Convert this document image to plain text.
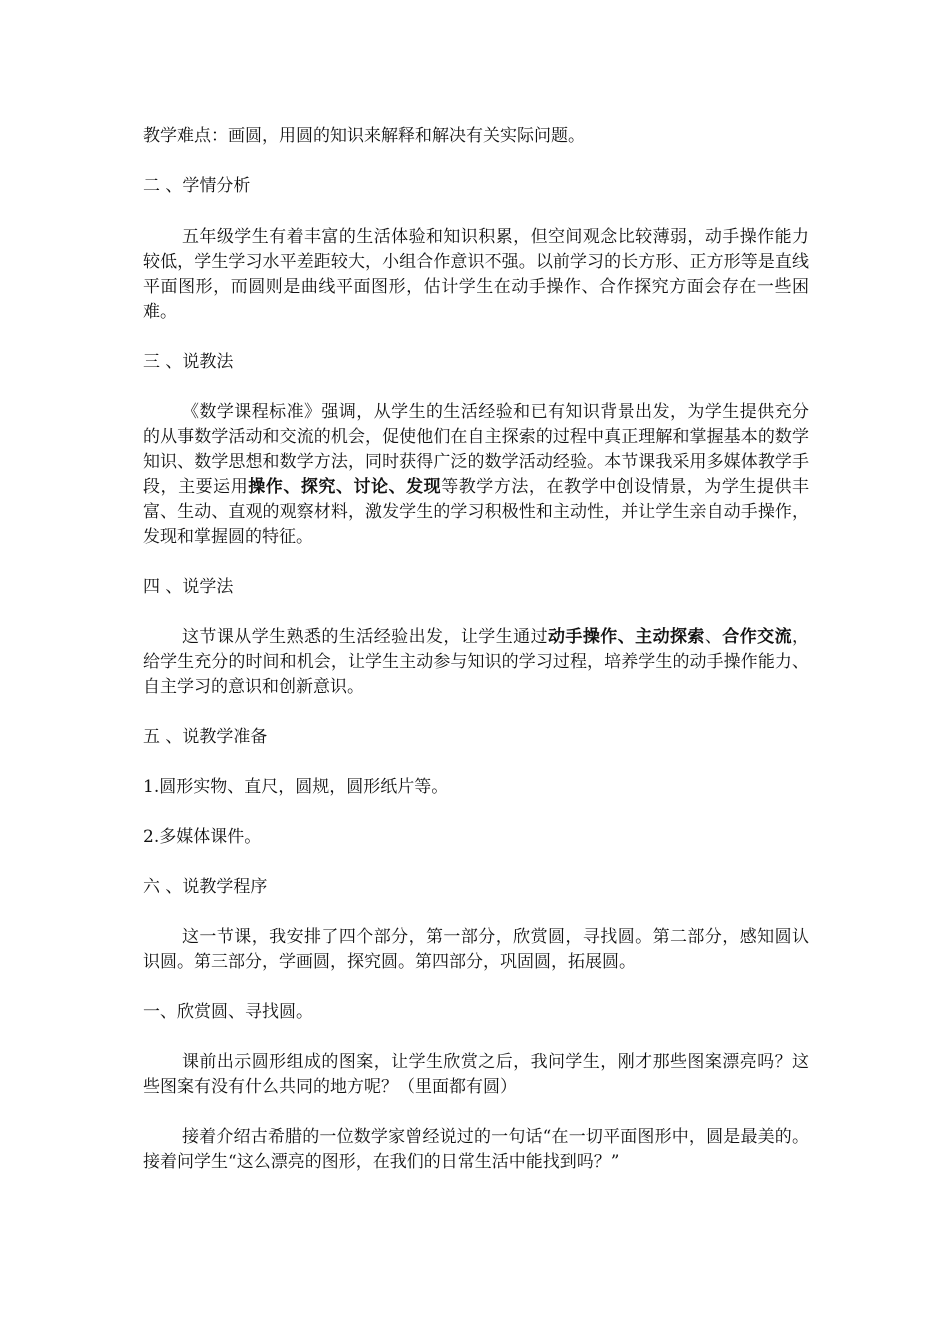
教学难点：画圆，用圆的知识来解释和解决有关实际问题。

二 、学情分析

五年级学生有着丰富的生活体验和知识积累，但空间观念比较薄弱，动手操作能力较低，学生学习水平差距较大，小组合作意识不强。以前学习的长方形、正方形等是直线平面图形，而圆则是曲线平面图形，估计学生在动手操作、合作探究方面会存在一些困难。

三 、说教法

《数学课程标准》强调，从学生的生活经验和已有知识背景出发，为学生提供充分的从事数学活动和交流的机会，促使他们在自主探索的过程中真正理解和掌握基本的数学知识、数学思想和数学方法，同时获得广泛的数学活动经验。本节课我采用多媒体教学手段，主要运用操作、探究、讨论、发现等教学方法，在教学中创设情景，为学生提供丰富、生动、直观的观察材料，激发学生的学习积极性和主动性，并让学生亲自动手操作，发现和掌握圆的特征。

四 、说学法

这节课从学生熟悉的生活经验出发，让学生通过动手操作、主动探索、合作交流，给学生充分的时间和机会，让学生主动参与知识的学习过程，培养学生的动手操作能力、自主学习的意识和创新意识。

五 、说教学准备

1.圆形实物、直尺，圆规，圆形纸片等。

2.多媒体课件。

六 、说教学程序

这一节课，我安排了四个部分，第一部分，欣赏圆，寻找圆。第二部分，感知圆认识圆。第三部分，学画圆，探究圆。第四部分，巩固圆，拓展圆。

一、欣赏圆、寻找圆。

课前出示圆形组成的图案，让学生欣赏之后，我问学生，刚才那些图案漂亮吗？这些图案有没有什么共同的地方呢？（里面都有圆）

接着介绍古希腊的一位数学家曾经说过的一句话“在一切平面图形中，圆是最美的。接着问学生“这么漂亮的图形，在我们的日常生活中能找到吗？”
